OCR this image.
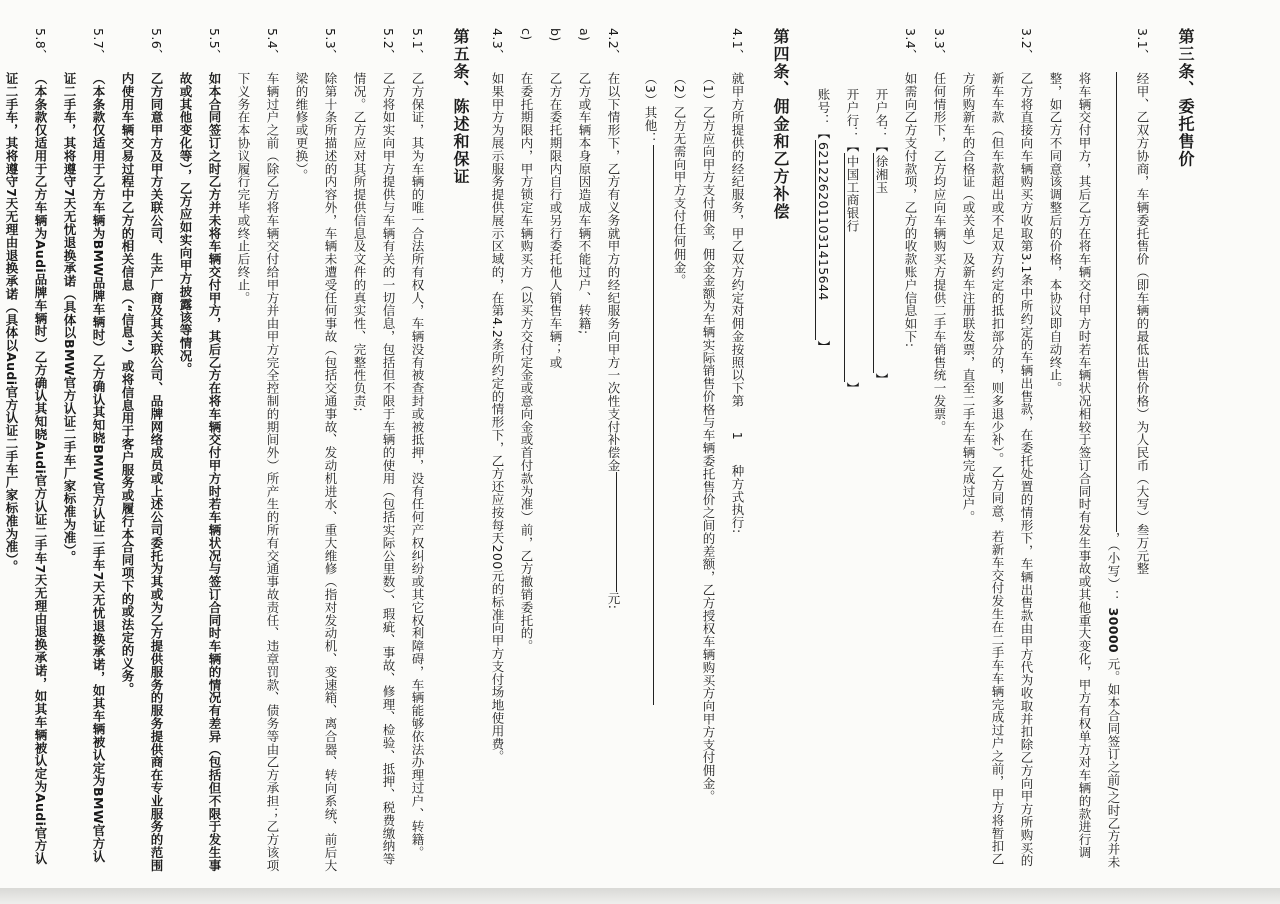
第三条、委托售价
3.1、
经甲、乙双方协商，车辆委托售价（即车辆的最低出售价格）为人民币（大写）叁万元整，（小写）： 30000 元。如本合同签订之前/之时乙方并未将车辆交付甲方，其后乙方在将车辆交付甲方时若车辆状况相较于签订合同时有发生事故或其他重大变化，甲方有权单方对车辆的款进行调整，如乙方不同意该调整后的价格，本协议即自动终止。
3.2、
乙方将直接向车辆购买方收取第3.1条中所约定的车辆出售款，在委托处置的情形下，车辆出售款由甲方代为收取并扣除乙方向甲方所购买的新车车款（但车款超出或不足双方约定的抵扣部分的，则多退少补）。乙方同意，若新车交付发生在二手车车辆完成过户之前，甲方将暂扣乙方所购新车的合格证（或关单）及新车注册联发票，直至二手车车辆完成过户。
3.3、
任何情形下，乙方均应向车辆购买方提供二手车销售统一发票。
3.4、
如需向乙方支付款项，乙方的收款账户信息如下:
开户名：【徐湘玉】
开户行：【中国工商银行】
账号：【6212262011031415644】
第四条、佣金和乙方补偿
4.1、
就甲方所提供的经纪服务，甲乙双方约定对佣金按照以下第 1 种方式执行:
（1）乙方应向甲方支付佣金，佣金金额为车辆实际销售价格与车辆委托售价之间的差额，乙方授权车辆购买方向甲方支付佣金。
（2）乙方无需向甲方支付任何佣金。
（3）其他：
4.2、
在以下情形下，乙方有义务就甲方的经纪服务向甲方一次性支付补偿金元:
a)
乙方或车辆本身原因造成车辆不能过户、转籍;
b)
乙方在委托期限内自行或另行委托他人销售车辆；或
c)
在委托期限内，甲方锁定车辆购买方（以买方交付定金或意向金或首付款为准）前，乙方撤销委托的。
4.3、
如果甲方为展示服务提供展示区域的，在第4.2条所约定的情形下，乙方还应按每天200元的标准向甲方支付场地使用费。
第五条、陈述和保证
5.1、
乙方保证，其为车辆的唯一合法所有权人，车辆没有被查封或被抵押，没有任何产权纠纷或其它权利障碍，车辆能够依法办理过户、转籍。
5.2、
乙方将如实向甲方提供与车辆有关的一切信息，包括但不限于车辆的使用（包括实际公里数）、瑕疵、事故、修理、检验、抵押、税费缴纳等情况。乙方应对其所提供信息及文件的真实性、完整性负责;
5.3、
除第十条所描述的内容外，车辆未遭受任何事故（包括交通事故、发动机进水、重大维修（指对发动机、变速箱、离合器、转向系统、前后大梁的维修或更换）。
5.4、
车辆过户之前（除乙方将车辆交付给甲方并由甲方完全控制的期间外）所产生的所有交通事故责任、违章罚款、债务等由乙方承担；乙方该项下义务在本协议履行完毕或终止后终止。
5.5、
如本合同签订之时乙方并未将车辆交付甲方，其后乙方在将车辆交付甲方时若车辆状况与签订合同时车辆的情况有差异（包括但不限于发生事故或其他变化等），乙方应如实向甲方披露该等情况。
5.6、
乙方同意甲方及甲方关联公司、生产厂商及其关联公司、品牌网络成员或上述公司委托为其或为乙方提供服务的服务提供商在专业服务的范围内使用车辆交易过程中乙方的相关信息（“信息”）或将信息用于客户服务或履行本合同项下的或法定的义务。
5.7、
（本条款仅适用于乙方车辆为BMW品牌车辆时）乙方确认其知晓BMW官方认证二手车7天无忧退换承诺，如其车辆被认定为BMW官方认证二手车，其将遵守7天无忧退换承诺（具体以BMW官方认证二手车厂家标准为准）。
5.8、
（本条款仅适用于乙方车辆为Audi品牌车辆时）乙方确认其知晓Audi官方认证二手车7天无理由退换承诺，如其车辆被认定为Audi官方认证二手车，其将遵守7天无理由退换承诺（具体以Audi官方认证二手车厂家标准为准）。
